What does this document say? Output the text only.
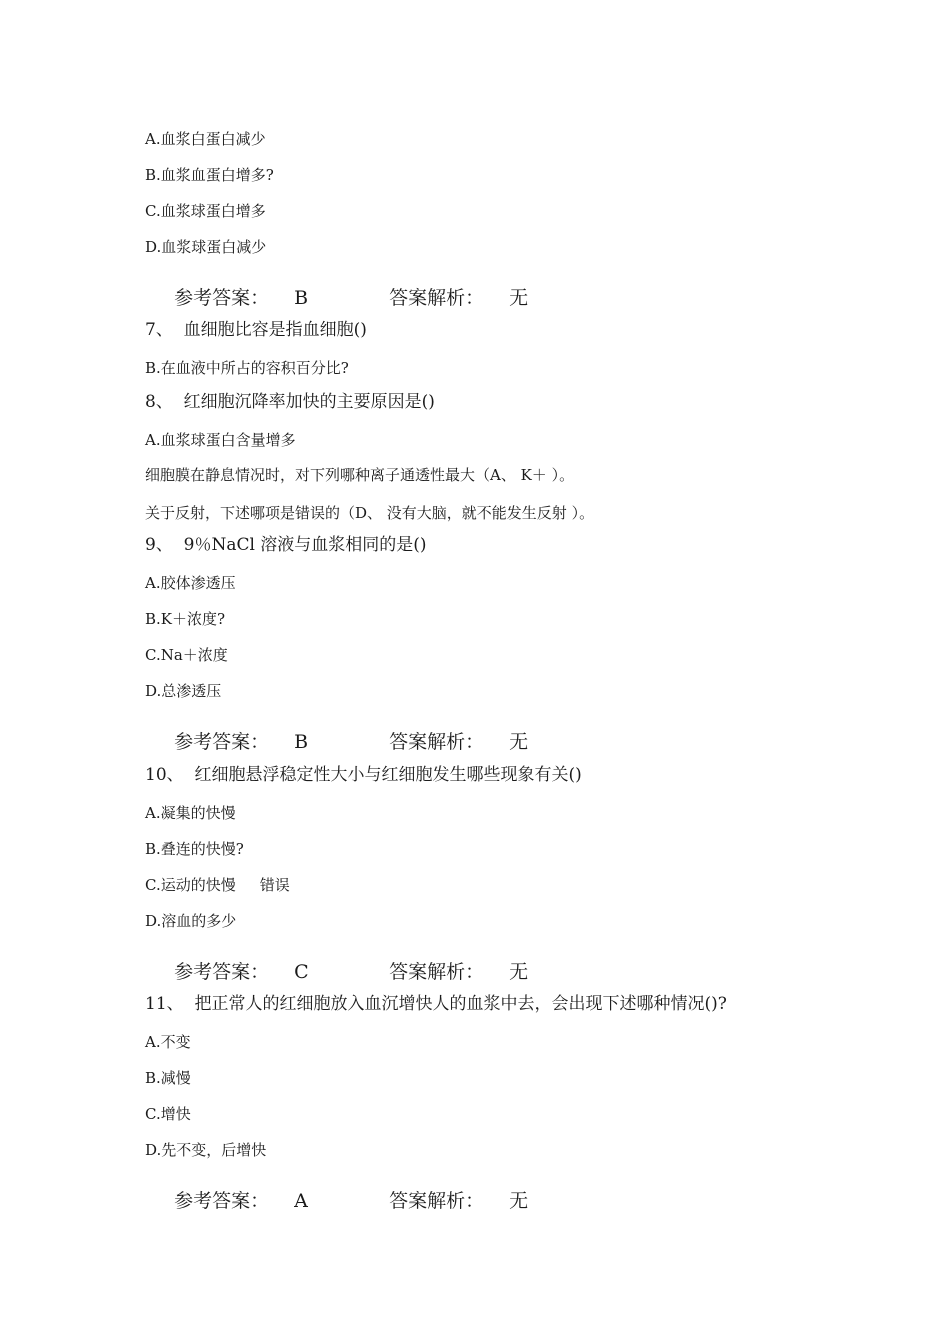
A.血浆白蛋白减少
B.血浆血蛋白增多?
C.血浆球蛋白增多
D.血浆球蛋白减少

参考答案： B	答案解析： 无

7、  血细胞比容是指血细胞()
B.在血液中所占的容积百分比?
8、  红细胞沉降率加快的主要原因是()
A.血浆球蛋白含量增多
细胞膜在静息情况时，对下列哪种离子通透性最大（A、 K＋ ）。
关于反射，下述哪项是错误的（D、 没有大脑，就不能发生反射 ）。
9、  9％NaCl 溶液与血浆相同的是()
A.胶体渗透压
B.K＋浓度?
C.Na＋浓度
D.总渗透压

参考答案： B	答案解析： 无

10、  红细胞悬浮稳定性大小与红细胞发生哪些现象有关()
A.凝集的快慢
B.叠连的快慢?
C.运动的快慢 错误
D.溶血的多少

参考答案： C	答案解析： 无

11、  把正常人的红细胞放入血沉增快人的血浆中去，会出现下述哪种情况()?
A.不变
B.减慢
C.增快
D.先不变，后增快

参考答案： A	答案解析： 无
